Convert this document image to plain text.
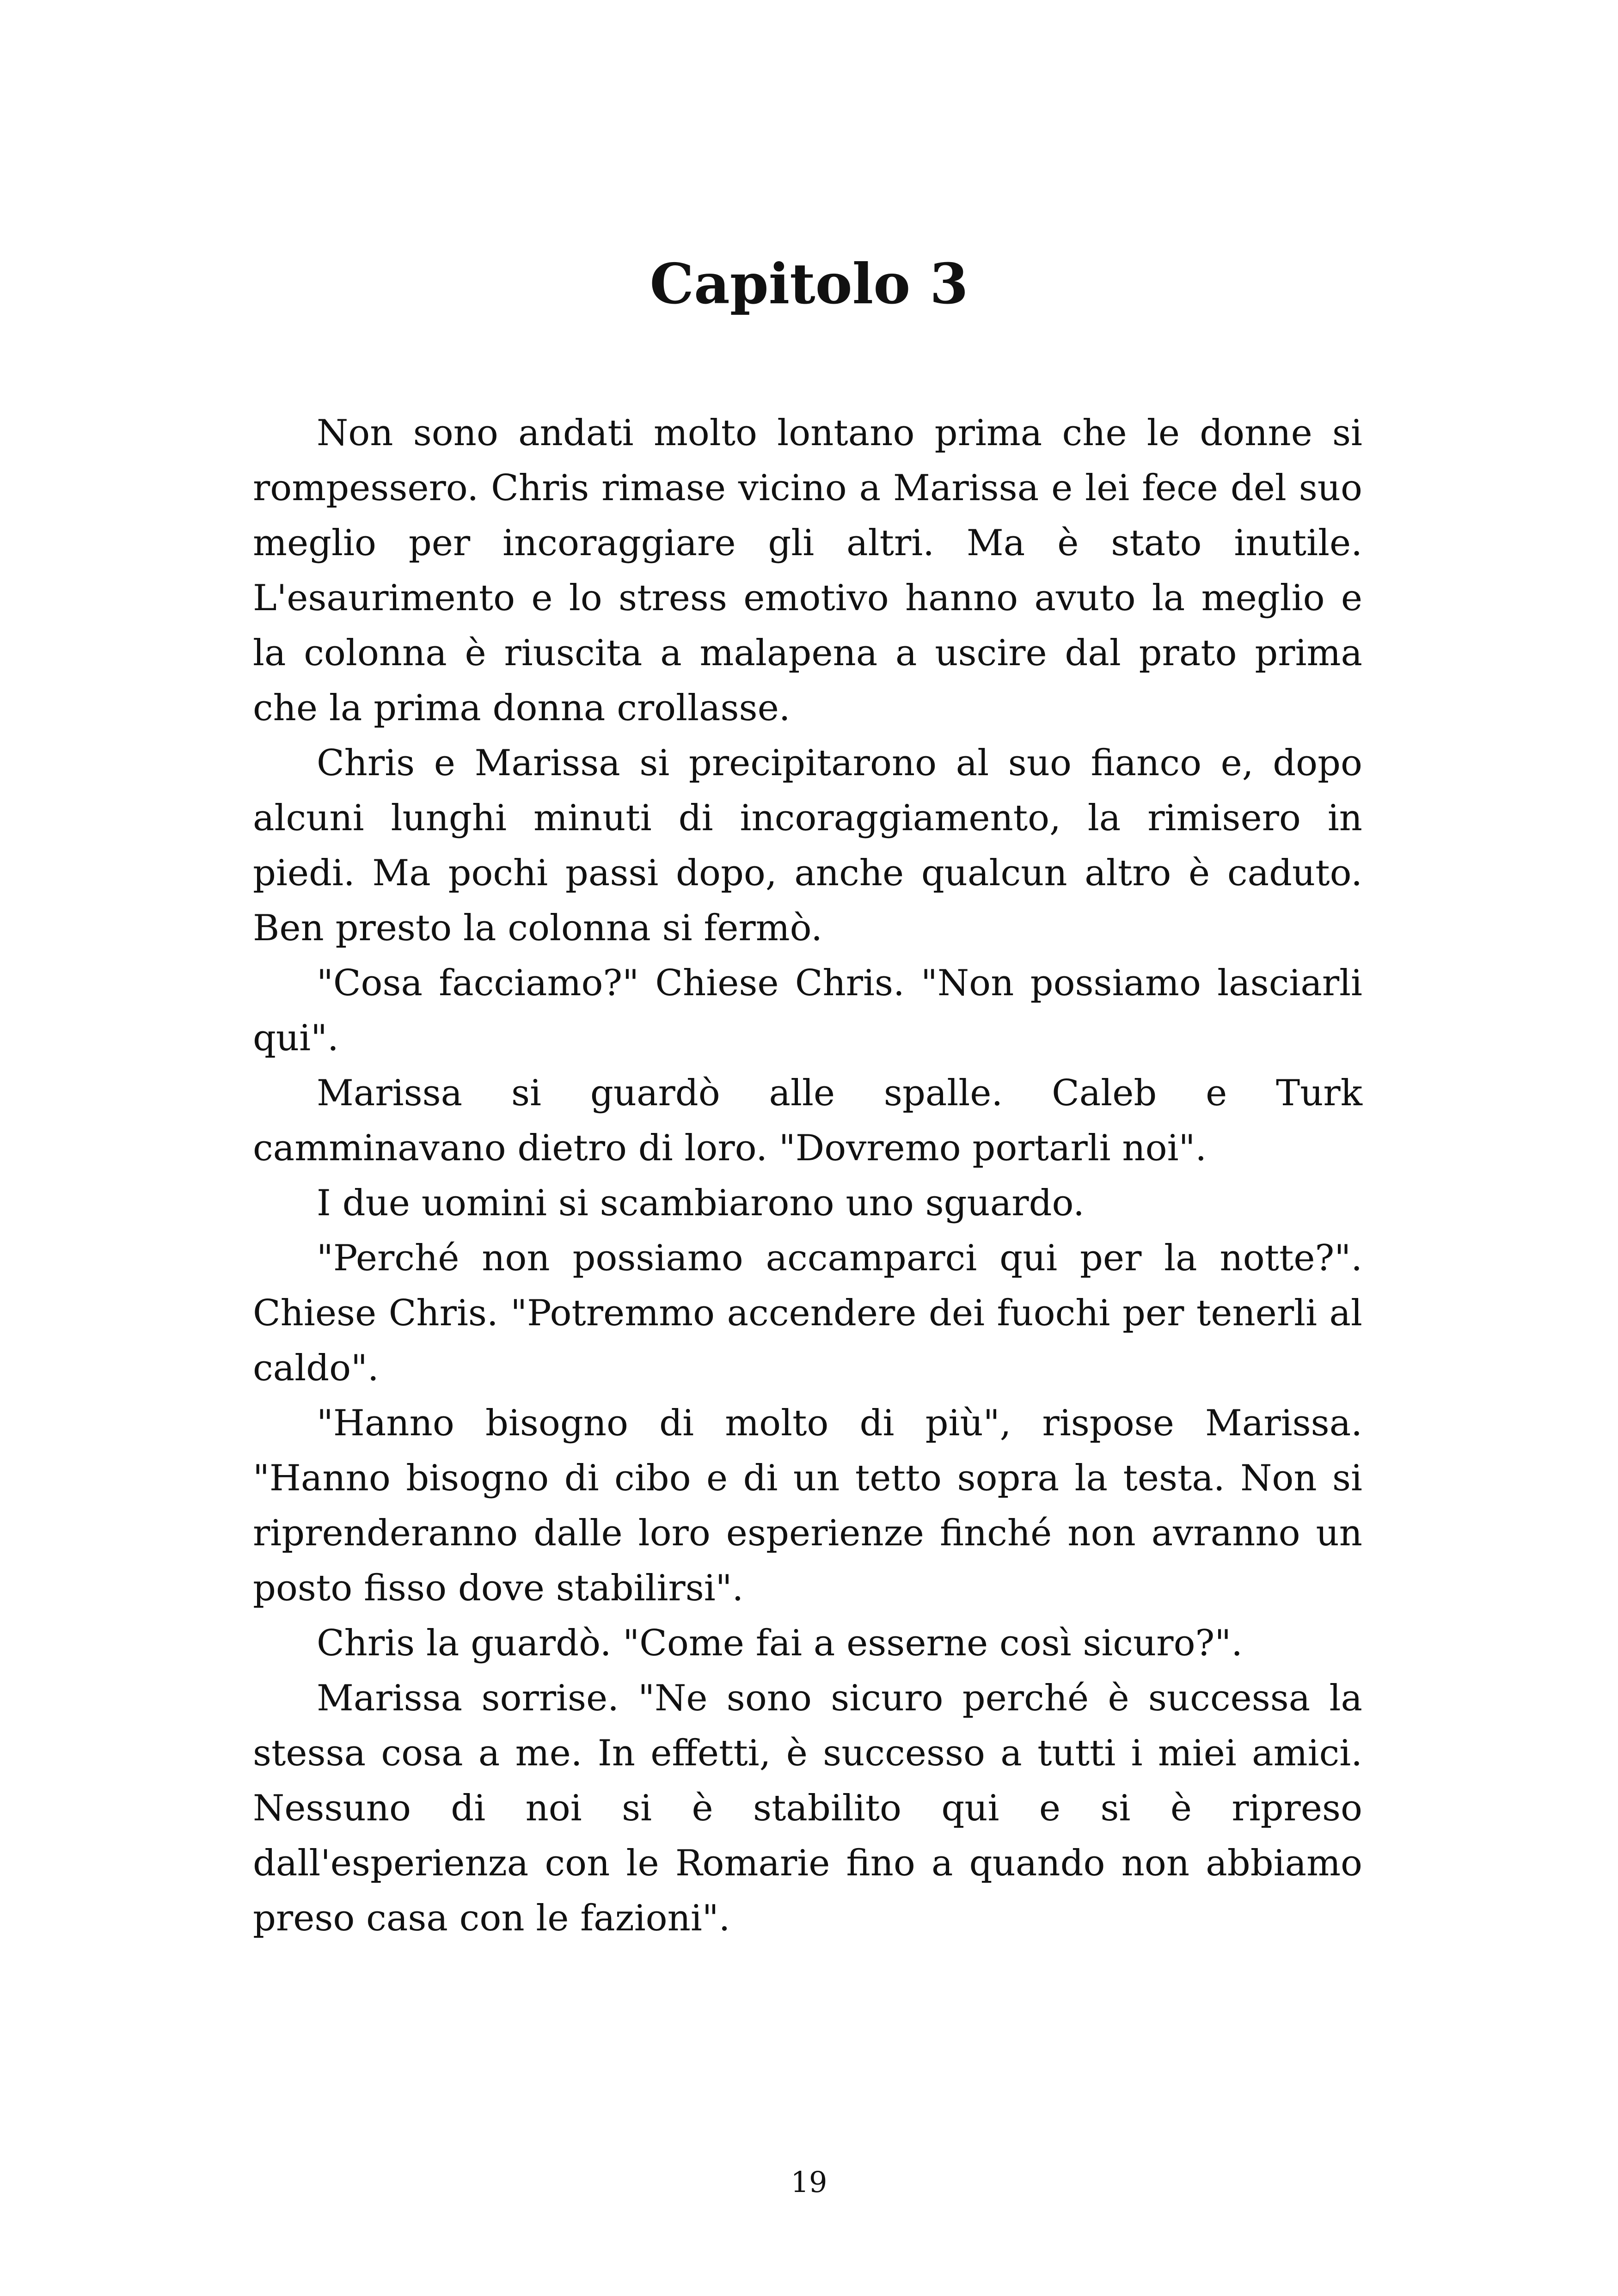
Capitolo 3

Non sono andati molto lontano prima che le donne si rompessero. Chris rimase vicino a Marissa e lei fece del suo meglio per incoraggiare gli altri. Ma è stato inutile. L'esaurimento e lo stress emotivo hanno avuto la meglio e la colonna è riuscita a malapena a uscire dal prato prima che la prima donna crollasse.

Chris e Marissa si precipitarono al suo fianco e, dopo alcuni lunghi minuti di incoraggiamento, la rimisero in piedi. Ma pochi passi dopo, anche qualcun altro è caduto. Ben presto la colonna si fermò.

"Cosa facciamo?" Chiese Chris. "Non possiamo lasciarli qui".

Marissa si guardò alle spalle. Caleb e Turk camminavano dietro di loro. "Dovremo portarli noi".

I due uomini si scambiarono uno sguardo.

"Perché non possiamo accamparci qui per la notte?". Chiese Chris. "Potremmo accendere dei fuochi per tenerli al caldo".

"Hanno bisogno di molto di più", rispose Marissa. "Hanno bisogno di cibo e di un tetto sopra la testa. Non si riprenderanno dalle loro esperienze finché non avranno un posto fisso dove stabilirsi".

Chris la guardò. "Come fai a esserne così sicuro?".

Marissa sorrise. "Ne sono sicuro perché è successa la stessa cosa a me. In effetti, è successo a tutti i miei amici. Nessuno di noi si è stabilito qui e si è ripreso dall'esperienza con le Romarie fino a quando non abbiamo preso casa con le fazioni".

19
